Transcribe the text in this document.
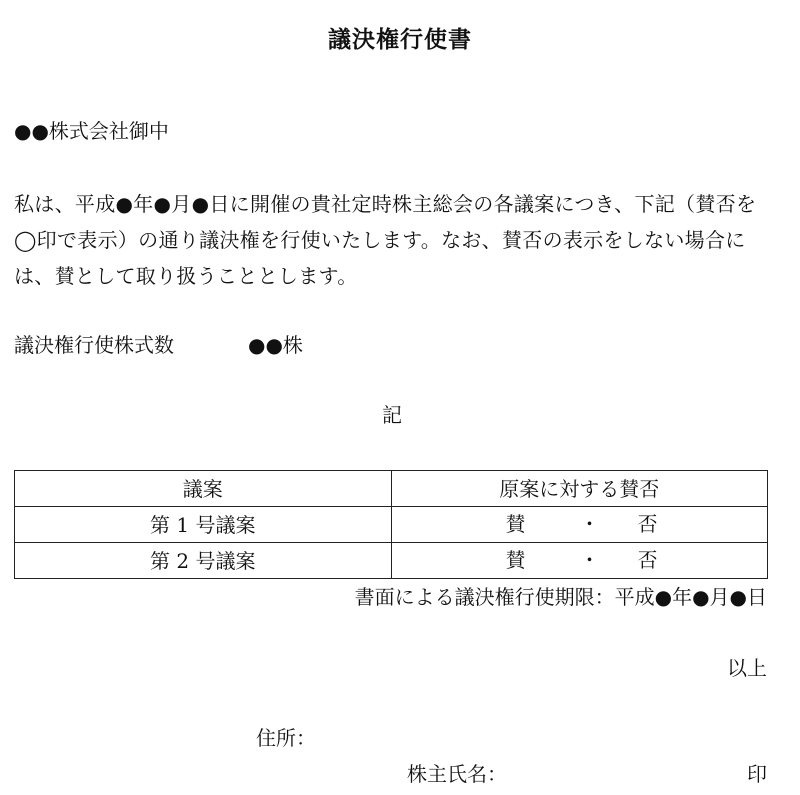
議決権行使書
●●株式会社御中
私は、平成●年●月●日に開催の貴社定時株主総会の各議案につき、下記（賛否を◯印で表示）の通り議決権を行使いたします。なお、賛否の表示をしない場合には、賛として取り扱うこととします。
議決権行使株式数	●●株
記
議案	原案に対する賛否
第 1 号議案	賛 ・ 否

第 2 号議案	賛 ・ 否
書面による議決権行使期限：平成●年●月●日
以上
住所：
株主氏名：	印
